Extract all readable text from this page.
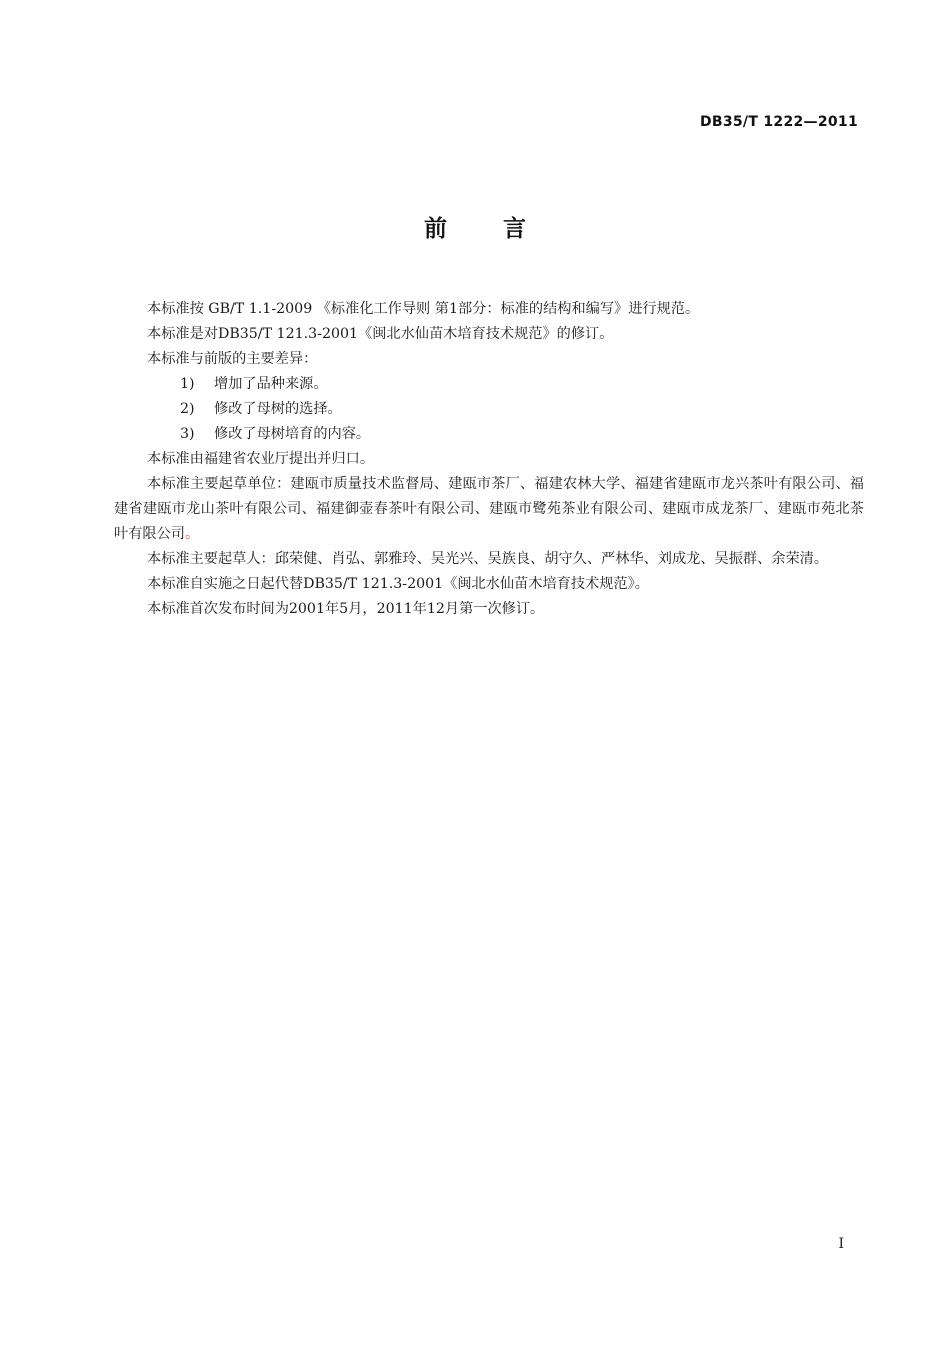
DB35/T 1222—2011
前言

本标准按 GB/T 1.1-2009 《标准化工作导则 第1部分：标准的结构和编写》进行规范。

本标准是对DB35/T 121.3-2001《闽北水仙苗木培育技术规范》的修订。

本标准与前版的主要差异：

1) 增加了品种来源。
2) 修改了母树的选择。
3) 修改了母树培育的内容。

本标准由福建省农业厅提出并归口。

本标准主要起草单位：建瓯市质量技术监督局、建瓯市茶厂、福建农林大学、福建省建瓯市龙兴茶叶有限公司、福建省建瓯市龙山茶叶有限公司、福建御壶春茶叶有限公司、建瓯市鹭苑茶业有限公司、建瓯市成龙茶厂、建瓯市苑北茶叶有限公司。

本标准主要起草人：邱荣健、肖弘、郭雅玲、吴光兴、吴族良、胡守久、严林华、刘成龙、吴振群、余荣清。

本标准自实施之日起代替DB35/T 121.3-2001《闽北水仙苗木培育技术规范》。

本标准首次发布时间为2001年5月，2011年12月第一次修订。

I
